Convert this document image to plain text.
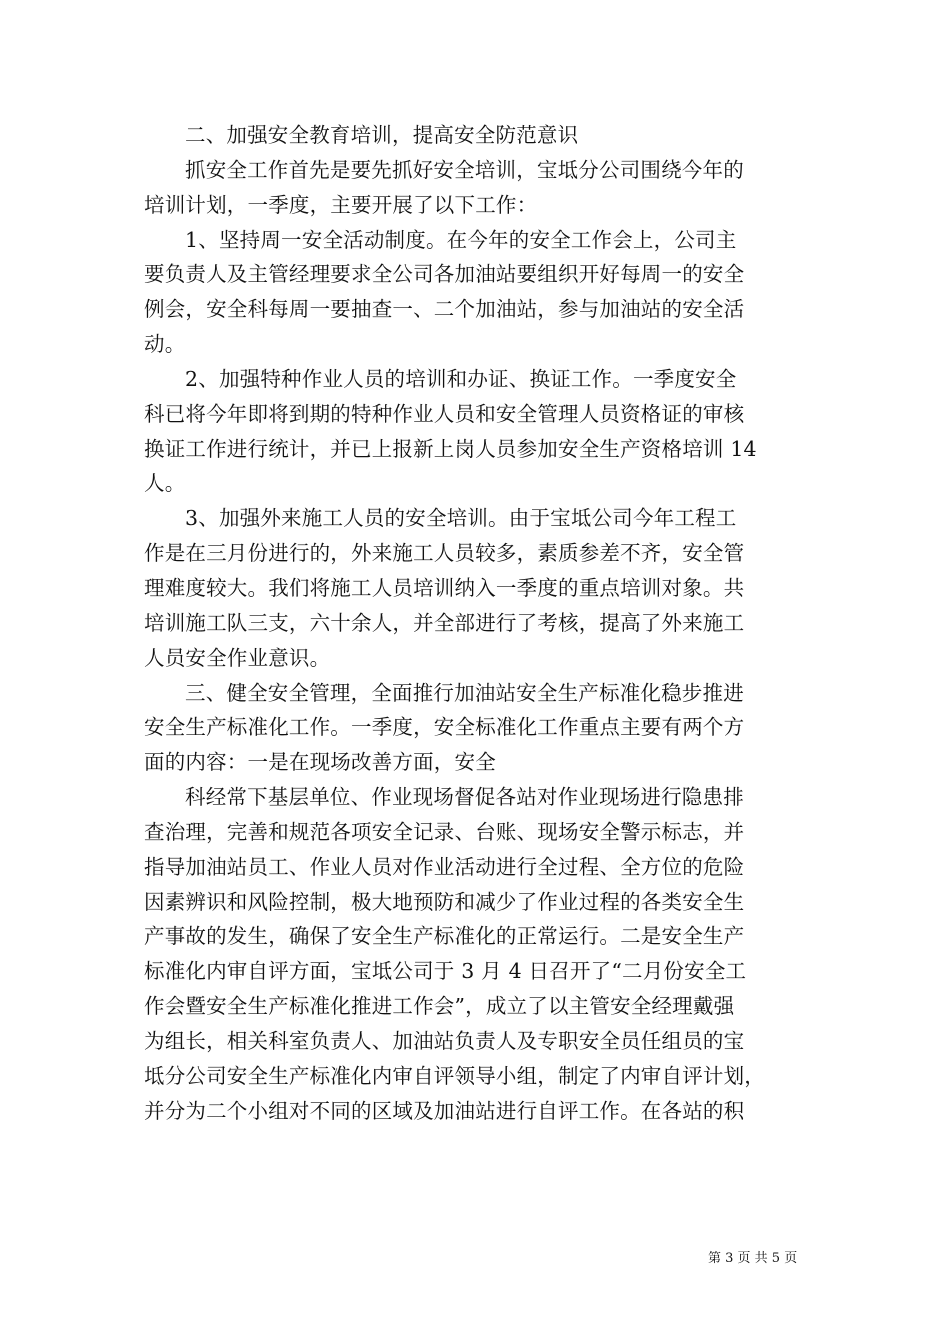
二、加强安全教育培训，提高安全防范意识
抓安全工作首先是要先抓好安全培训，宝坻分公司围绕今年的
培训计划，一季度，主要开展了以下工作：
1、坚持周一安全活动制度。在今年的安全工作会上，公司主
要负责人及主管经理要求全公司各加油站要组织开好每周一的安全
例会，安全科每周一要抽查一、二个加油站，参与加油站的安全活
动。
2、加强特种作业人员的培训和办证、换证工作。一季度安全
科已将今年即将到期的特种作业人员和安全管理人员资格证的审核
换证工作进行统计，并已上报新上岗人员参加安全生产资格培训 14
人。
3、加强外来施工人员的安全培训。由于宝坻公司今年工程工
作是在三月份进行的，外来施工人员较多，素质参差不齐，安全管
理难度较大。我们将施工人员培训纳入一季度的重点培训对象。共
培训施工队三支，六十余人，并全部进行了考核，提高了外来施工
人员安全作业意识。
三、健全安全管理，全面推行加油站安全生产标准化稳步推进
安全生产标准化工作。一季度，安全标准化工作重点主要有两个方
面的内容：一是在现场改善方面，安全
科经常下基层单位、作业现场督促各站对作业现场进行隐患排
查治理，完善和规范各项安全记录、台账、现场安全警示标志，并
指导加油站员工、作业人员对作业活动进行全过程、全方位的危险
因素辨识和风险控制，极大地预防和减少了作业过程的各类安全生
产事故的发生，确保了安全生产标准化的正常运行。二是安全生产
标准化内审自评方面，宝坻公司于 3 月 4 日召开了“二月份安全工
作会暨安全生产标准化推进工作会”，成立了以主管安全经理戴强
为组长，相关科室负责人、加油站负责人及专职安全员任组员的宝
坻分公司安全生产标准化内审自评领导小组，制定了内审自评计划，
并分为二个小组对不同的区域及加油站进行自评工作。在各站的积
第 3 页 共 5 页
